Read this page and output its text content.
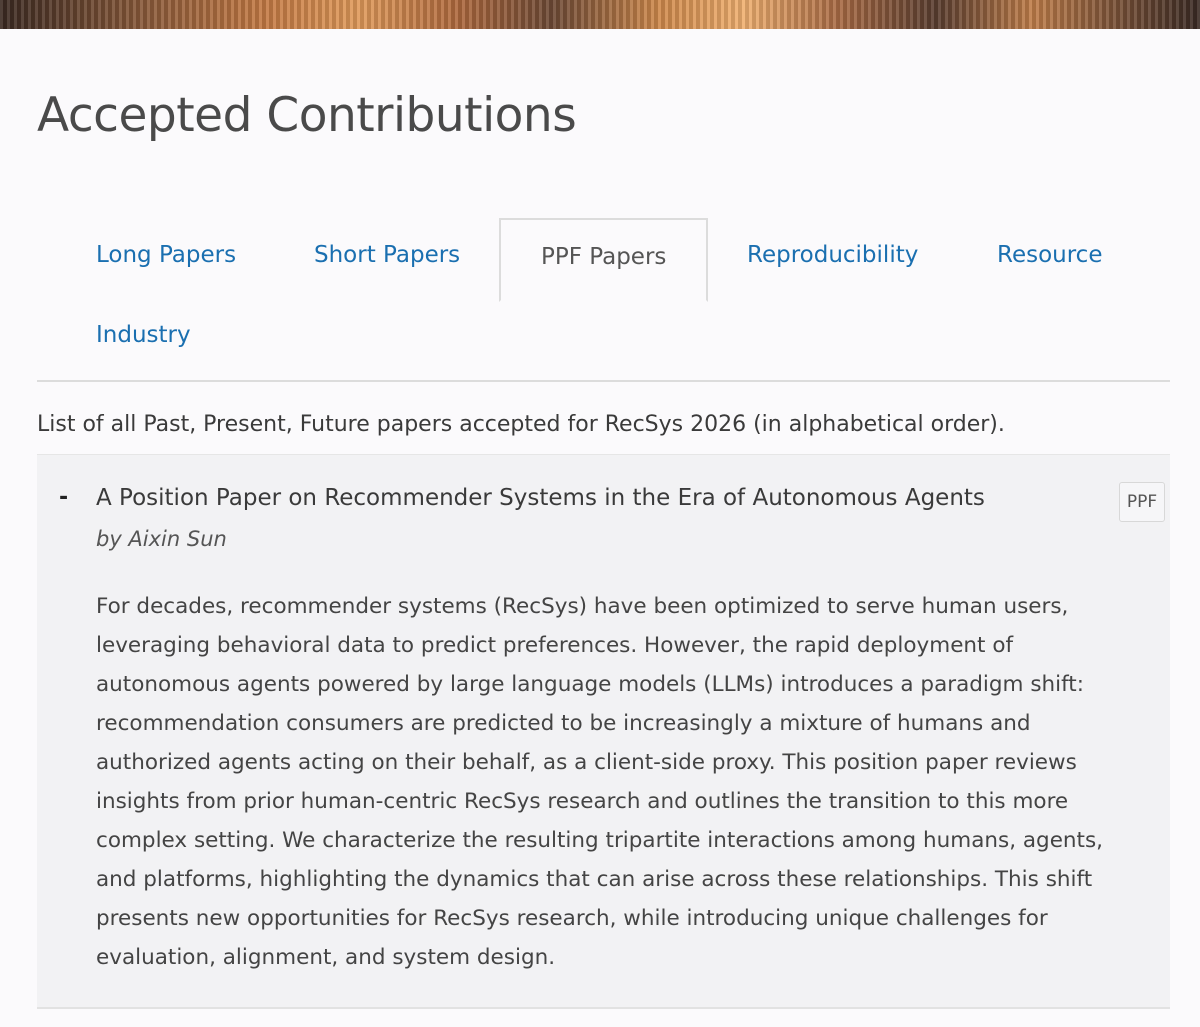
Accepted Contributions
Long Papers	Short Papers	PPF Papers	Reproducibility	Resource
Industry
List of all Past, Present, Future papers accepted for RecSys 2026 (in alphabetical order).
- A Position Paper on Recommender Systems in the Era of Autonomous Agents
by Aixin Sun
PPF

For decades, recommender systems (RecSys) have been optimized to serve human users, leveraging behavioral data to predict preferences. However, the rapid deployment of autonomous agents powered by large language models (LLMs) introduces a paradigm shift: recommendation consumers are predicted to be increasingly a mixture of humans and authorized agents acting on their behalf, as a client-side proxy. This position paper reviews insights from prior human-centric RecSys research and outlines the transition to this more complex setting. We characterize the resulting tripartite interactions among humans, agents, and platforms, highlighting the dynamics that can arise across these relationships. This shift presents new opportunities for RecSys research, while introducing unique challenges for evaluation, alignment, and system design.
